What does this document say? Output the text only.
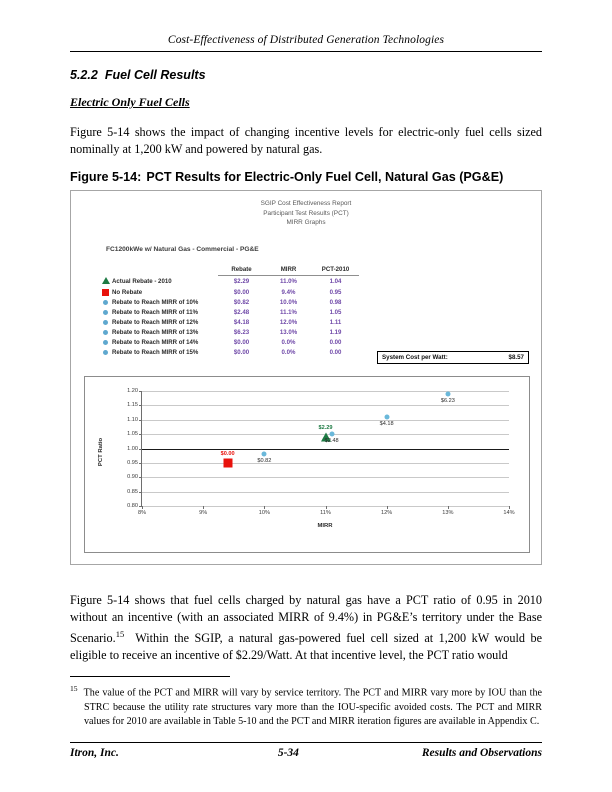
Cost-Effectiveness of Distributed Generation Technologies
5.2.2 Fuel Cell Results
Electric Only Fuel Cells
Figure 5-14 shows the impact of changing incentive levels for electric-only fuel cells sized nominally at 1,200 kW and powered by natural gas.
Figure 5-14: PCT Results for Electric-Only Fuel Cell, Natural Gas (PG&E)
SGIP Cost Effectiveness Report
Participant Test Results (PCT)
MIRR Graphs
FC1200kWe w/ Natural Gas - Commercial - PG&E
		Rebate	MIRR	PCT-2010
	Actual Rebate - 2010	$2.29	11.0%	1.04
	No Rebate	$0.00	9.4%	0.95
	Rebate to Reach MIRR of 10%	$0.82	10.0%	0.98
	Rebate to Reach MIRR of 11%	$2.48	11.1%	1.05
	Rebate to Reach MIRR of 12%	$4.18	12.0%	1.11
	Rebate to Reach MIRR of 13%	$6.23	13.0%	1.19
	Rebate to Reach MIRR of 14%	$0.00	0.0%	0.00
	Rebate to Reach MIRR of 15%	$0.00	0.0%	0.00
System Cost per Watt:	$8.57
PCT Ratio
MIRR
0.80
0.85
0.90
0.95
1.00
1.05
1.10
1.15
1.20
8%	9%	10%	11%	12%	13%	14%
$0.00
$0.82
$2.29
$2.48
$4.18
$6.23
Figure 5-14 shows that fuel cells charged by natural gas have a PCT ratio of 0.95 in 2010 without an incentive (with an associated MIRR of 9.4%) in PG&E’s territory under the Base Scenario.$^{15}$ Within the SGIP, a natural gas-powered fuel cell sized at 1,200 kW would be eligible to receive an incentive of $2.29/Watt. At that incentive level, the PCT ratio would
$^{15}$ The value of the PCT and MIRR will vary by service territory. The PCT and MIRR vary more by IOU than the STRC because the utility rate structures vary more than the IOU-specific avoided costs. The PCT and MIRR values for 2010 are available in Table 5-10 and the PCT and MIRR iteration figures are available in Appendix C.
Itron, Inc.	5-34	Results and Observations
